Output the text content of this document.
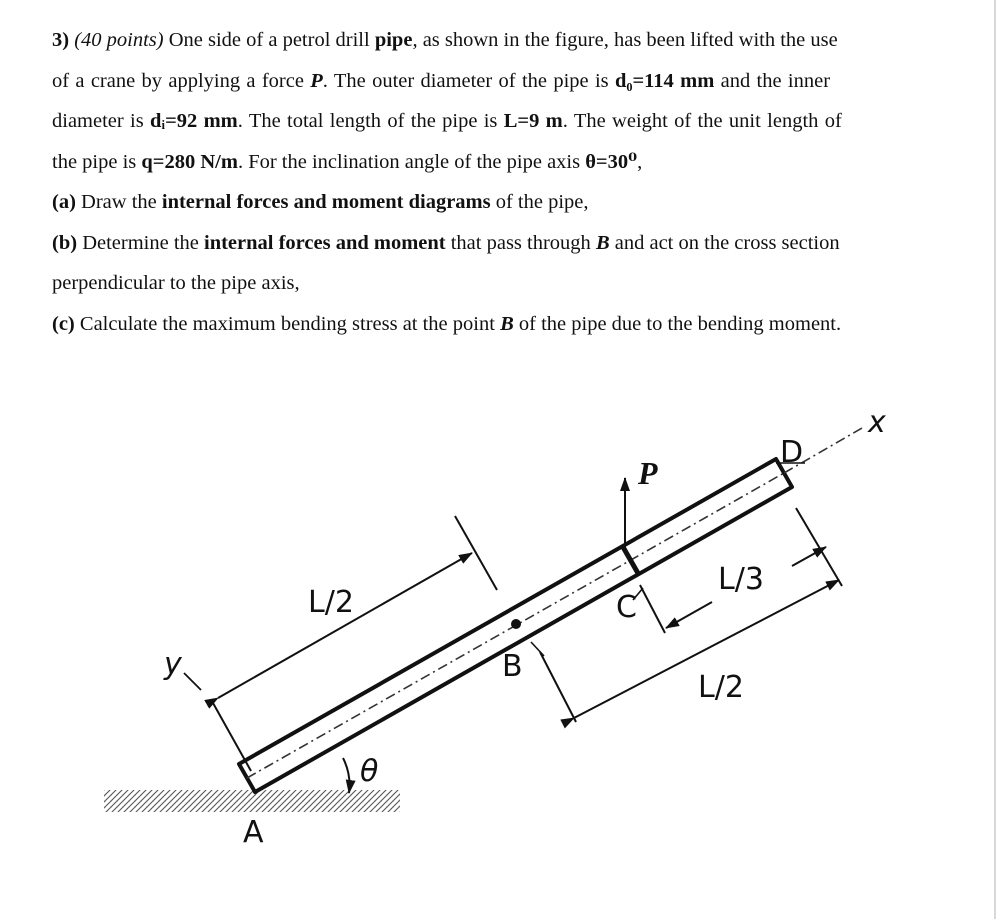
3) (40 points) One side of a petrol drill pipe, as shown in the figure, has been lifted with the use
of a crane by applying a force P. The outer diameter of the pipe is d₀=114 mm and the inner
diameter is dᵢ=92 mm. The total length of the pipe is L=9 m. The weight of the unit length of
the pipe is q=280 N/m. For the inclination angle of the pipe axis θ=30⁰,
(a) Draw the internal forces and moment diagrams of the pipe,
(b) Determine the internal forces and moment that pass through B and act on the cross section
perpendicular to the pipe axis,
(c) Calculate the maximum bending stress at the point B of the pipe due to the bending moment.
P
x
y
A
B
C
D
θ
L/2
L/3
L/2
